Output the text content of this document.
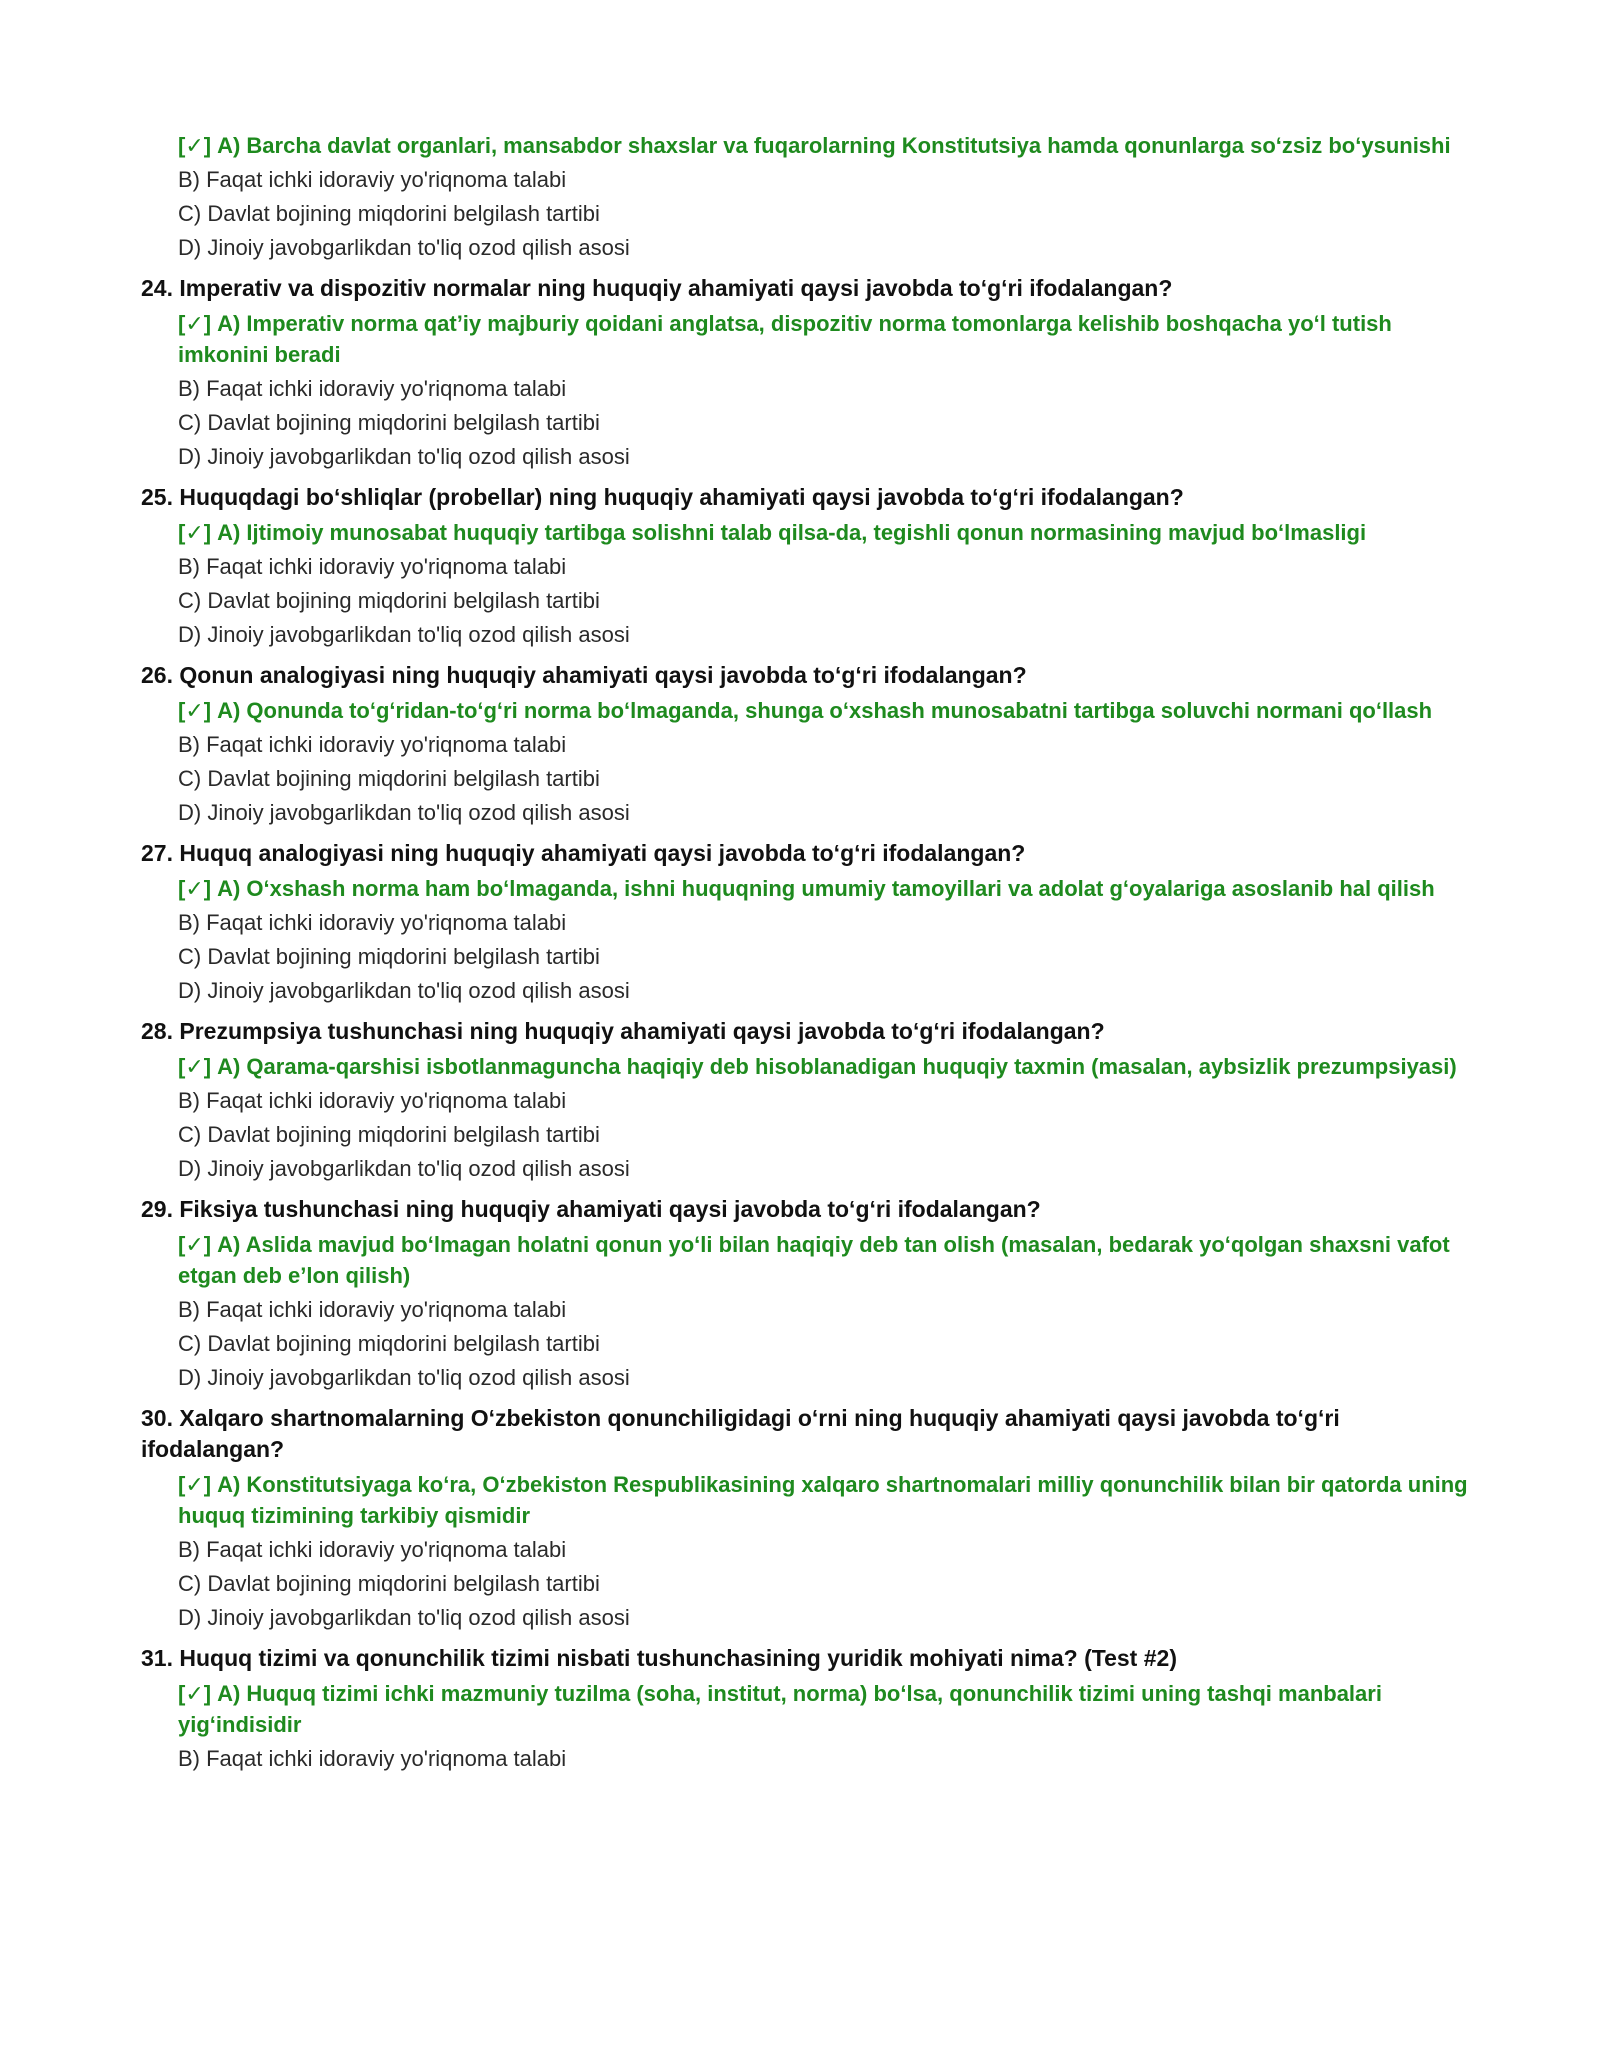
[✓] A) Barcha davlat organlari, mansabdor shaxslar va fuqarolarning Konstitutsiya hamda qonunlarga so‘zsiz bo‘ysunishi
B) Faqat ichki idoraviy yo'riqnoma talabi
C) Davlat bojining miqdorini belgilash tartibi
D) Jinoiy javobgarlikdan to'liq ozod qilish asosi
24. Imperativ va dispozitiv normalar ning huquqiy ahamiyati qaysi javobda to‘g‘ri ifodalangan?
[✓] A) Imperativ norma qat’iy majburiy qoidani anglatsa, dispozitiv norma tomonlarga kelishib boshqacha yo‘l tutish imkonini beradi
B) Faqat ichki idoraviy yo'riqnoma talabi
C) Davlat bojining miqdorini belgilash tartibi
D) Jinoiy javobgarlikdan to'liq ozod qilish asosi
25. Huquqdagi bo‘shliqlar (probellar) ning huquqiy ahamiyati qaysi javobda to‘g‘ri ifodalangan?
[✓] A) Ijtimoiy munosabat huquqiy tartibga solishni talab qilsa-da, tegishli qonun normasining mavjud bo‘lmasligi
B) Faqat ichki idoraviy yo'riqnoma talabi
C) Davlat bojining miqdorini belgilash tartibi
D) Jinoiy javobgarlikdan to'liq ozod qilish asosi
26. Qonun analogiyasi ning huquqiy ahamiyati qaysi javobda to‘g‘ri ifodalangan?
[✓] A) Qonunda to‘g‘ridan-to‘g‘ri norma bo‘lmaganda, shunga o‘xshash munosabatni tartibga soluvchi normani qo‘llash
B) Faqat ichki idoraviy yo'riqnoma talabi
C) Davlat bojining miqdorini belgilash tartibi
D) Jinoiy javobgarlikdan to'liq ozod qilish asosi
27. Huquq analogiyasi ning huquqiy ahamiyati qaysi javobda to‘g‘ri ifodalangan?
[✓] A) O‘xshash norma ham bo‘lmaganda, ishni huquqning umumiy tamoyillari va adolat g‘oyalariga asoslanib hal qilish
B) Faqat ichki idoraviy yo'riqnoma talabi
C) Davlat bojining miqdorini belgilash tartibi
D) Jinoiy javobgarlikdan to'liq ozod qilish asosi
28. Prezumpsiya tushunchasi ning huquqiy ahamiyati qaysi javobda to‘g‘ri ifodalangan?
[✓] A) Qarama-qarshisi isbotlanmaguncha haqiqiy deb hisoblanadigan huquqiy taxmin (masalan, aybsizlik prezumpsiyasi)
B) Faqat ichki idoraviy yo'riqnoma talabi
C) Davlat bojining miqdorini belgilash tartibi
D) Jinoiy javobgarlikdan to'liq ozod qilish asosi
29. Fiksiya tushunchasi ning huquqiy ahamiyati qaysi javobda to‘g‘ri ifodalangan?
[✓] A) Aslida mavjud bo‘lmagan holatni qonun yo‘li bilan haqiqiy deb tan olish (masalan, bedarak yo‘qolgan shaxsni vafot etgan deb e’lon qilish)
B) Faqat ichki idoraviy yo'riqnoma talabi
C) Davlat bojining miqdorini belgilash tartibi
D) Jinoiy javobgarlikdan to'liq ozod qilish asosi
30. Xalqaro shartnomalarning O‘zbekiston qonunchiligidagi o‘rni ning huquqiy ahamiyati qaysi javobda to‘g‘ri ifodalangan?
[✓] A) Konstitutsiyaga ko‘ra, O‘zbekiston Respublikasining xalqaro shartnomalari milliy qonunchilik bilan bir qatorda uning huquq tizimining tarkibiy qismidir
B) Faqat ichki idoraviy yo'riqnoma talabi
C) Davlat bojining miqdorini belgilash tartibi
D) Jinoiy javobgarlikdan to'liq ozod qilish asosi
31. Huquq tizimi va qonunchilik tizimi nisbati tushunchasining yuridik mohiyati nima? (Test #2)
[✓] A) Huquq tizimi ichki mazmuniy tuzilma (soha, institut, norma) bo‘lsa, qonunchilik tizimi uning tashqi manbalari yig‘indisidir
B) Faqat ichki idoraviy yo'riqnoma talabi
